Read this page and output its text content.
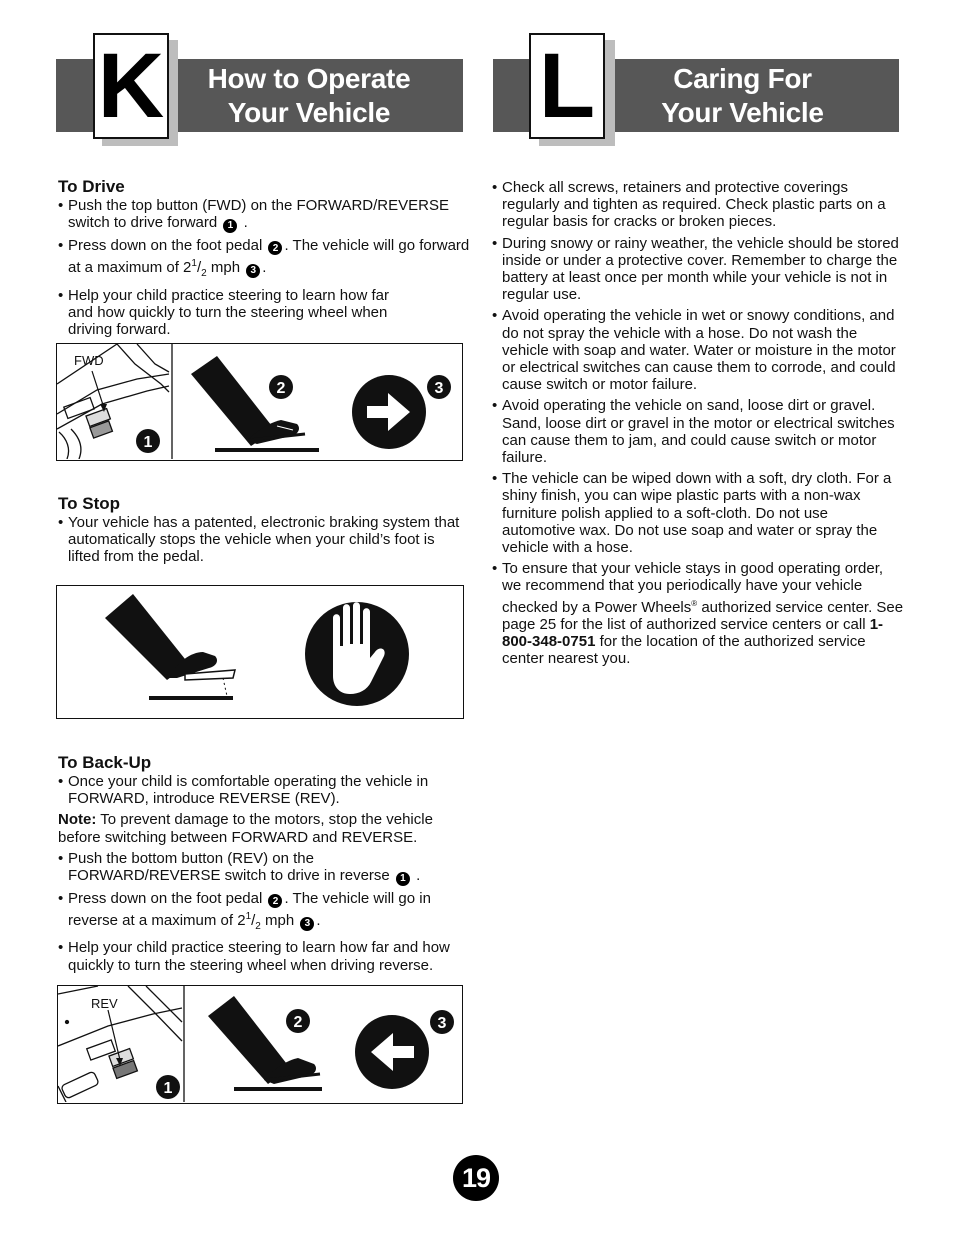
K How to Operate
Your Vehicle L	Caring For
Your Vehicle
To Drive
• Push the top button (FWD) on the FORWARD/REVERSE switch to drive forward 1 .
• Press down on the foot pedal 2 . The vehicle will go forward at a maximum of $2^1/_2$ mph 3 .
• Help your child practice steering to learn how far and how quickly to turn the steering wheel when driving forward.
FWD
1
2	3
To Stop
• Your vehicle has a patented, electronic braking system that automatically stops the vehicle when your child’s foot is lifted from the pedal.
To Back-Up
• Once your child is comfortable operating the vehicle in FORWARD, introduce REVERSE (REV).

Note: To prevent damage to the motors, stop the vehicle before switching between FORWARD and REVERSE.

• Push the bottom button (REV) on the FORWARD/REVERSE switch to drive in reverse 1 .
• Press down on the foot pedal 2 . The vehicle will go in reverse at a maximum of $2^1/_2$ mph 3 .
• Help your child practice steering to learn how far and how quickly to turn the steering wheel when driving reverse.
REV
1
2	3
• Check all screws, retainers and protective coverings regularly and tighten as required. Check plastic parts on a regular basis for cracks or broken pieces.
• During snowy or rainy weather, the vehicle should be stored inside or under a protective cover. Remember to charge the battery at least once per month while your vehicle is not in regular use.
• Avoid operating the vehicle in wet or snowy conditions, and do not spray the vehicle with a hose. Do not wash the vehicle with soap and water. Water or moisture in the motor or electrical switches can cause them to corrode, and could cause switch or motor failure.
• Avoid operating the vehicle on sand, loose dirt or gravel. Sand, loose dirt or gravel in the motor or electrical switches can cause them to jam, and could cause switch or motor failure.
• The vehicle can be wiped down with a soft, dry cloth. For a shiny finish, you can wipe plastic parts with a non-wax furniture polish applied to a soft-cloth. Do not use automotive wax. Do not use soap and water or spray the vehicle with a hose.
• To ensure that your vehicle stays in good operating order, we recommend that you periodically have your vehicle checked by a Power Wheels® authorized service center. See page 25 for the list of authorized service centers or call 1-800-348-0751 for the location of the authorized service center nearest you.
19
